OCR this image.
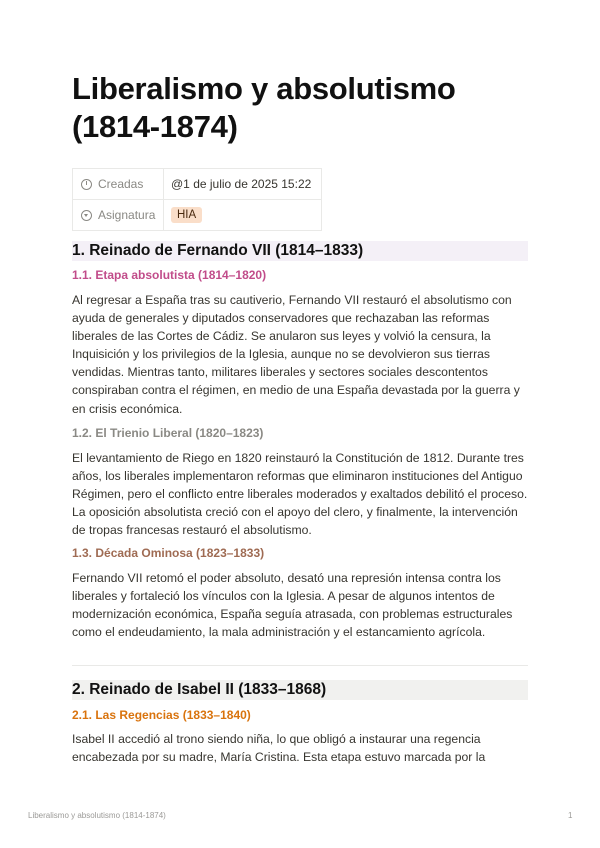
Liberalismo y absolutismo (1814-1874)
Creadas	@1 de julio de 2025 15:22
Asignatura	HIA
1. Reinado de Fernando VII (1814–1833)
1.1. Etapa absolutista (1814–1820)
Al regresar a España tras su cautiverio, Fernando VII restauró el absolutismo con ayuda de generales y diputados conservadores que rechazaban las reformas liberales de las Cortes de Cádiz. Se anularon sus leyes y volvió la censura, la Inquisición y los privilegios de la Iglesia, aunque no se devolvieron sus tierras vendidas. Mientras tanto, militares liberales y sectores sociales descontentos conspiraban contra el régimen, en medio de una España devastada por la guerra y en crisis económica.
1.2. El Trienio Liberal (1820–1823)
El levantamiento de Riego en 1820 reinstauró la Constitución de 1812. Durante tres años, los liberales implementaron reformas que eliminaron instituciones del Antiguo Régimen, pero el conflicto entre liberales moderados y exaltados debilitó el proceso. La oposición absolutista creció con el apoyo del clero, y finalmente, la intervención de tropas francesas restauró el absolutismo.
1.3. Década Ominosa (1823–1833)
Fernando VII retomó el poder absoluto, desató una represión intensa contra los liberales y fortaleció los vínculos con la Iglesia. A pesar de algunos intentos de modernización económica, España seguía atrasada, con problemas estructurales como el endeudamiento, la mala administración y el estancamiento agrícola.
2. Reinado de Isabel II (1833–1868)
2.1. Las Regencias (1833–1840)
Isabel II accedió al trono siendo niña, lo que obligó a instaurar una regencia encabezada por su madre, María Cristina. Esta etapa estuvo marcada por la
Liberalismo y absolutismo (1814-1874)	1
